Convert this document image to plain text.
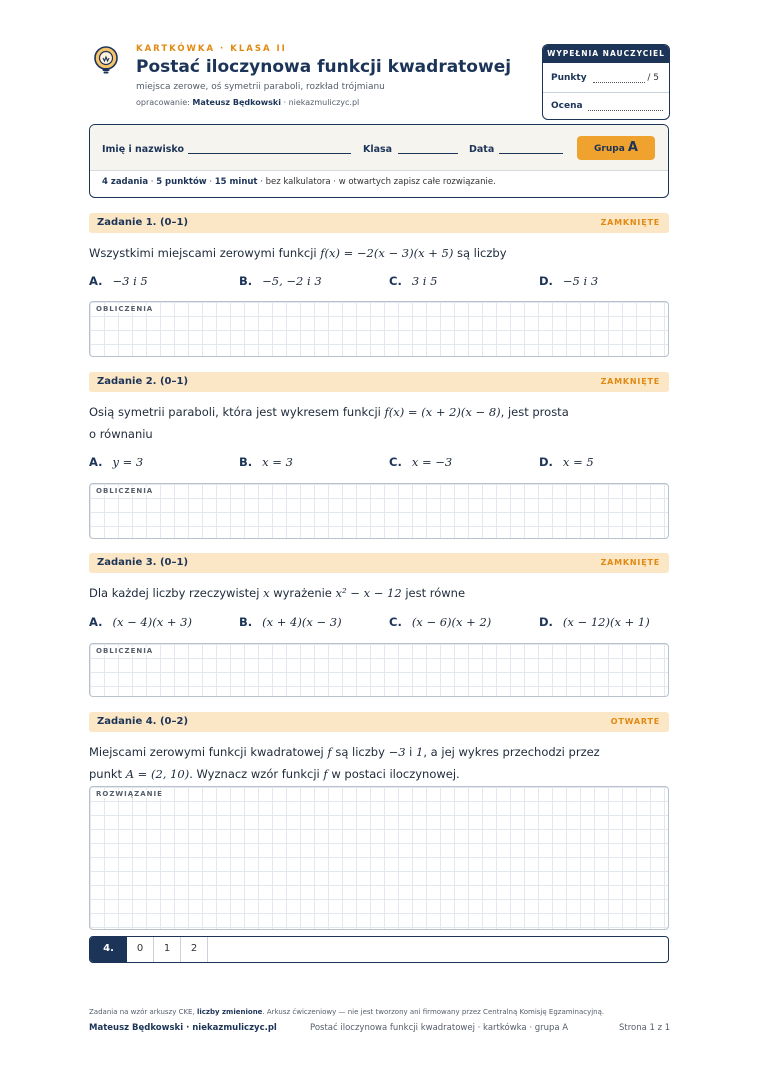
KARTKÓWKA · KLASA II
Postać iloczynowa funkcji kwadratowej
miejsca zerowe, oś symetrii paraboli, rozkład trójmianu
opracowanie: Mateusz Będkowski · niekazmuliczyc.pl
WYPEŁNIA NAUCZYCIEL
Punkty	/ 5
Ocena
Imię i nazwisko	Klasa	Data	Grupa A
4 zadania · 5 punktów · 15 minut · bez kalkulatora · w otwartych zapisz całe rozwiązanie.
Zadanie 1. (0–1)	ZAMKNIĘTE
Wszystkimi miejscami zerowymi funkcji f(x) = −2(x − 3)(x + 5) są liczby
A. −3 i 5	B. −5, −2 i 3	C. 3 i 5	D. −5 i 3
OBLICZENIA
Zadanie 2. (0–1)	ZAMKNIĘTE
Osią symetrii paraboli, która jest wykresem funkcji f(x) = (x + 2)(x − 8), jest prosta
o równaniu
A. y = 3	B. x = 3	C. x = −3	D. x = 5
OBLICZENIA
Zadanie 3. (0–1)	ZAMKNIĘTE
Dla każdej liczby rzeczywistej x wyrażenie x² − x − 12 jest równe
A. (x − 4)(x + 3)	B. (x + 4)(x − 3)	C. (x − 6)(x + 2)	D. (x − 12)(x + 1)
OBLICZENIA
Zadanie 4. (0–2)	OTWARTE
Miejscami zerowymi funkcji kwadratowej f są liczby −3 i 1, a jej wykres przechodzi przez
punkt A = (2, 10). Wyznacz wzór funkcji f w postaci iloczynowej.
ROZWIĄZANIE
4.	0	1	2
Zadania na wzór arkuszy CKE, liczby zmienione. Arkusz ćwiczeniowy — nie jest tworzony ani firmowany przez Centralną Komisję Egzaminacyjną.
Mateusz Będkowski · niekazmuliczyc.pl	Postać iloczynowa funkcji kwadratowej · kartkówka · grupa A	Strona 1 z 1
